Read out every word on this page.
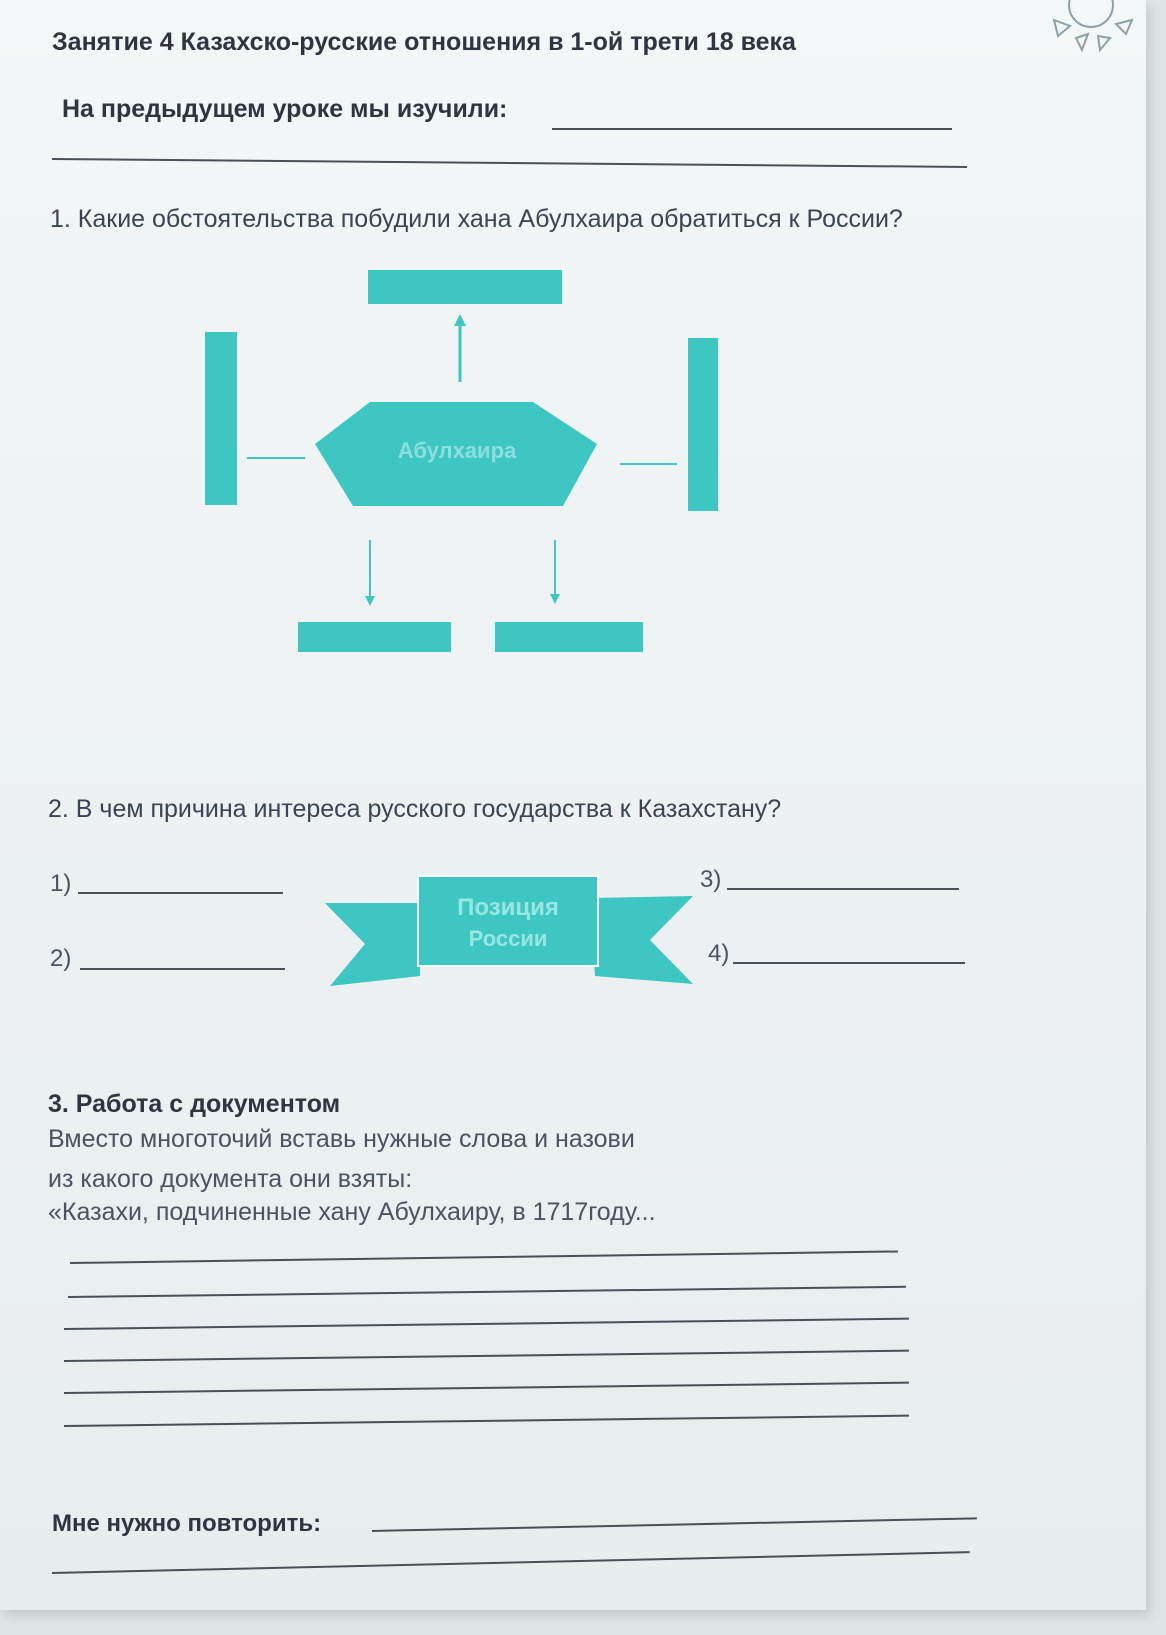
Занятие 4 Казахско-русские отношения в 1-ой трети 18 века
На предыдущем уроке мы изучили:
1. Какие обстоятельства побудили хана Абулхаира обратиться к России?
Абулхаира
2. В чем причина интереса русского государства к Казахстану?
1)
2)
3)
4)
Позиция
России
3. Работа с документом
Вместо многоточий вставь нужные слова и назови
из какого документа они взяты:
«Казахи, подчиненные хану Абулхаиру, в 1717году...
Мне нужно повторить:
